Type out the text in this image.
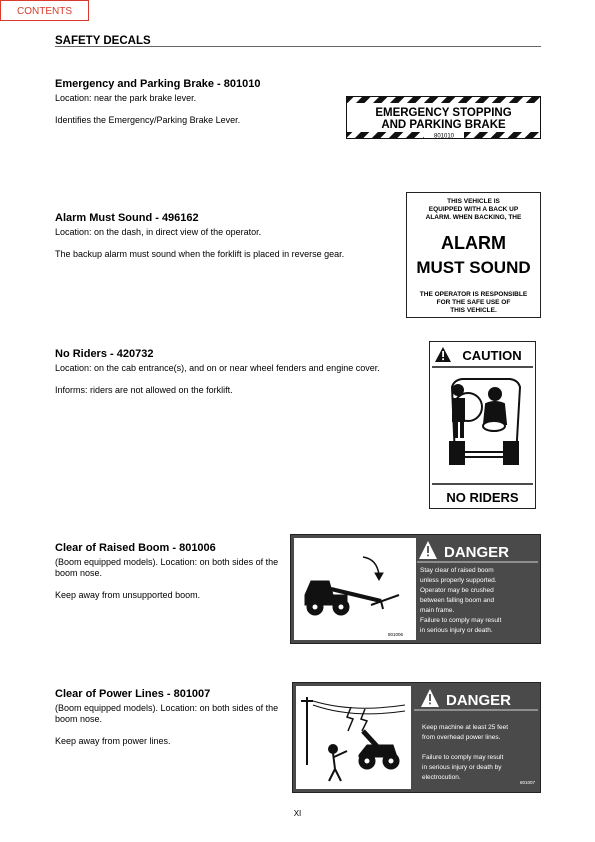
CONTENTS
SAFETY DECALS
Emergency and Parking Brake - 801010

Location: near the park brake lever.

Identifies the Emergency/Parking Brake Lever.

EMERGENCY STOPPING
AND PARKING BRAKE
801010
Alarm Must Sound - 496162

Location: on the dash, in direct view of the operator.

The backup alarm must sound when the forklift is placed in reverse gear.

THIS VEHICLE IS
EQUIPPED WITH A BACK UP
ALARM. WHEN BACKING, THE
ALARM
MUST SOUND
THE OPERATOR IS RESPONSIBLE
FOR THE SAFE USE OF
THIS VEHICLE.
No Riders - 420732

Location: on the cab entrance(s), and on or near wheel fenders and engine cover.

Informs: riders are not allowed on the forklift.

CAUTION
NO RIDERS
Clear of Raised Boom - 801006

(Boom equipped models). Location: on both sides of the boom nose.

Keep away from unsupported boom.

801006
DANGER
Stay clear of raised boom unless properly supported. Operator may be crushed between falling boom and main frame. Failure to comply may result in serious injury or death.
Clear of Power Lines - 801007

(Boom equipped models). Location: on both sides of the boom nose.

Keep away from power lines.

DANGER
Keep machine at least 25 feet from overhead power lines. Failure to comply may result in serious injury or death by electrocution.
801007
XI
